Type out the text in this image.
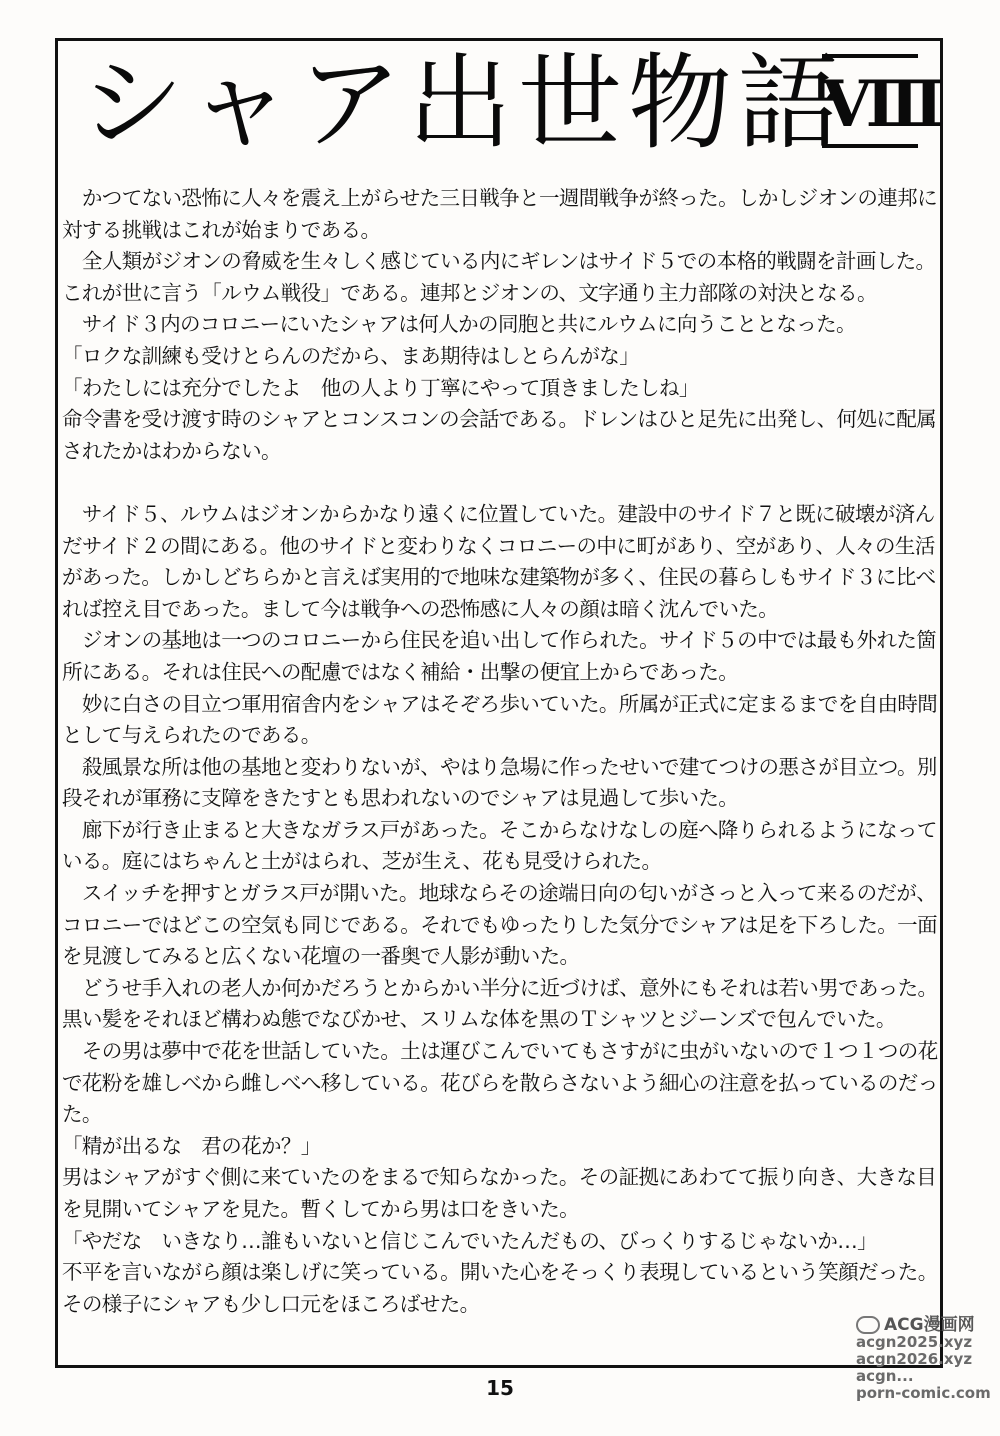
シャア出世物語
Ⅷ

　かつてない恐怖に人々を震え上がらせた三日戦争と一週間戦争が終った。しかしジオンの連邦に対する挑戦はこれが始まりである。

　全人類がジオンの脅威を生々しく感じている内にギレンはサイド５での本格的戦闘を計画した。これが世に言う「ルウム戦役」である。連邦とジオンの、文字通り主力部隊の対決となる。

　サイド３内のコロニーにいたシャアは何人かの同胞と共にルウムに向うこととなった。

「ロクな訓練も受けとらんのだから、まあ期待はしとらんがな」

「わたしには充分でしたよ　他の人より丁寧にやって頂きましたしね」

命令書を受け渡す時のシャアとコンスコンの会話である。ドレンはひと足先に出発し、何処に配属されたかはわからない。

　サイド５、ルウムはジオンからかなり遠くに位置していた。建設中のサイド７と既に破壊が済んだサイド２の間にある。他のサイドと変わりなくコロニーの中に町があり、空があり、人々の生活があった。しかしどちらかと言えば実用的で地味な建築物が多く、住民の暮らしもサイド３に比べれば控え目であった。まして今は戦争への恐怖感に人々の顔は暗く沈んでいた。

　ジオンの基地は一つのコロニーから住民を追い出して作られた。サイド５の中では最も外れた箇所にある。それは住民への配慮ではなく補給・出撃の便宜上からであった。

　妙に白さの目立つ軍用宿舎内をシャアはそぞろ歩いていた。所属が正式に定まるまでを自由時間として与えられたのである。

　殺風景な所は他の基地と変わりないが、やはり急場に作ったせいで建てつけの悪さが目立つ。別段それが軍務に支障をきたすとも思われないのでシャアは見過して歩いた。

　廊下が行き止まると大きなガラス戸があった。そこからなけなしの庭へ降りられるようになっている。庭にはちゃんと土がはられ、芝が生え、花も見受けられた。

　スイッチを押すとガラス戸が開いた。地球ならその途端日向の匂いがさっと入って来るのだが、コロニーではどこの空気も同じである。それでもゆったりした気分でシャアは足を下ろした。一面を見渡してみると広くない花壇の一番奥で人影が動いた。

　どうせ手入れの老人か何かだろうとからかい半分に近づけば、意外にもそれは若い男であった。黒い髪をそれほど構わぬ態でなびかせ、スリムな体を黒のＴシャツとジーンズで包んでいた。

　その男は夢中で花を世話していた。土は運びこんでいてもさすがに虫がいないので１つ１つの花で花粉を雄しべから雌しべへ移している。花びらを散らさないよう細心の注意を払っているのだった。

「精が出るな　君の花か？」

男はシャアがすぐ側に来ていたのをまるで知らなかった。その証拠にあわてて振り向き、大きな目を見開いてシャアを見た。暫くしてから男は口をきいた。

「やだな　いきなり…誰もいないと信じこんでいたんだもの、びっくりするじゃないか…」

不平を言いながら顔は楽しげに笑っている。開いた心をそっくり表現しているという笑顔だった。その様子にシャアも少し口元をほころばせた。

15
ACG漫画网
acgn2025.xyz
acgn2026.xyz
acgn...
porn-comic.com
